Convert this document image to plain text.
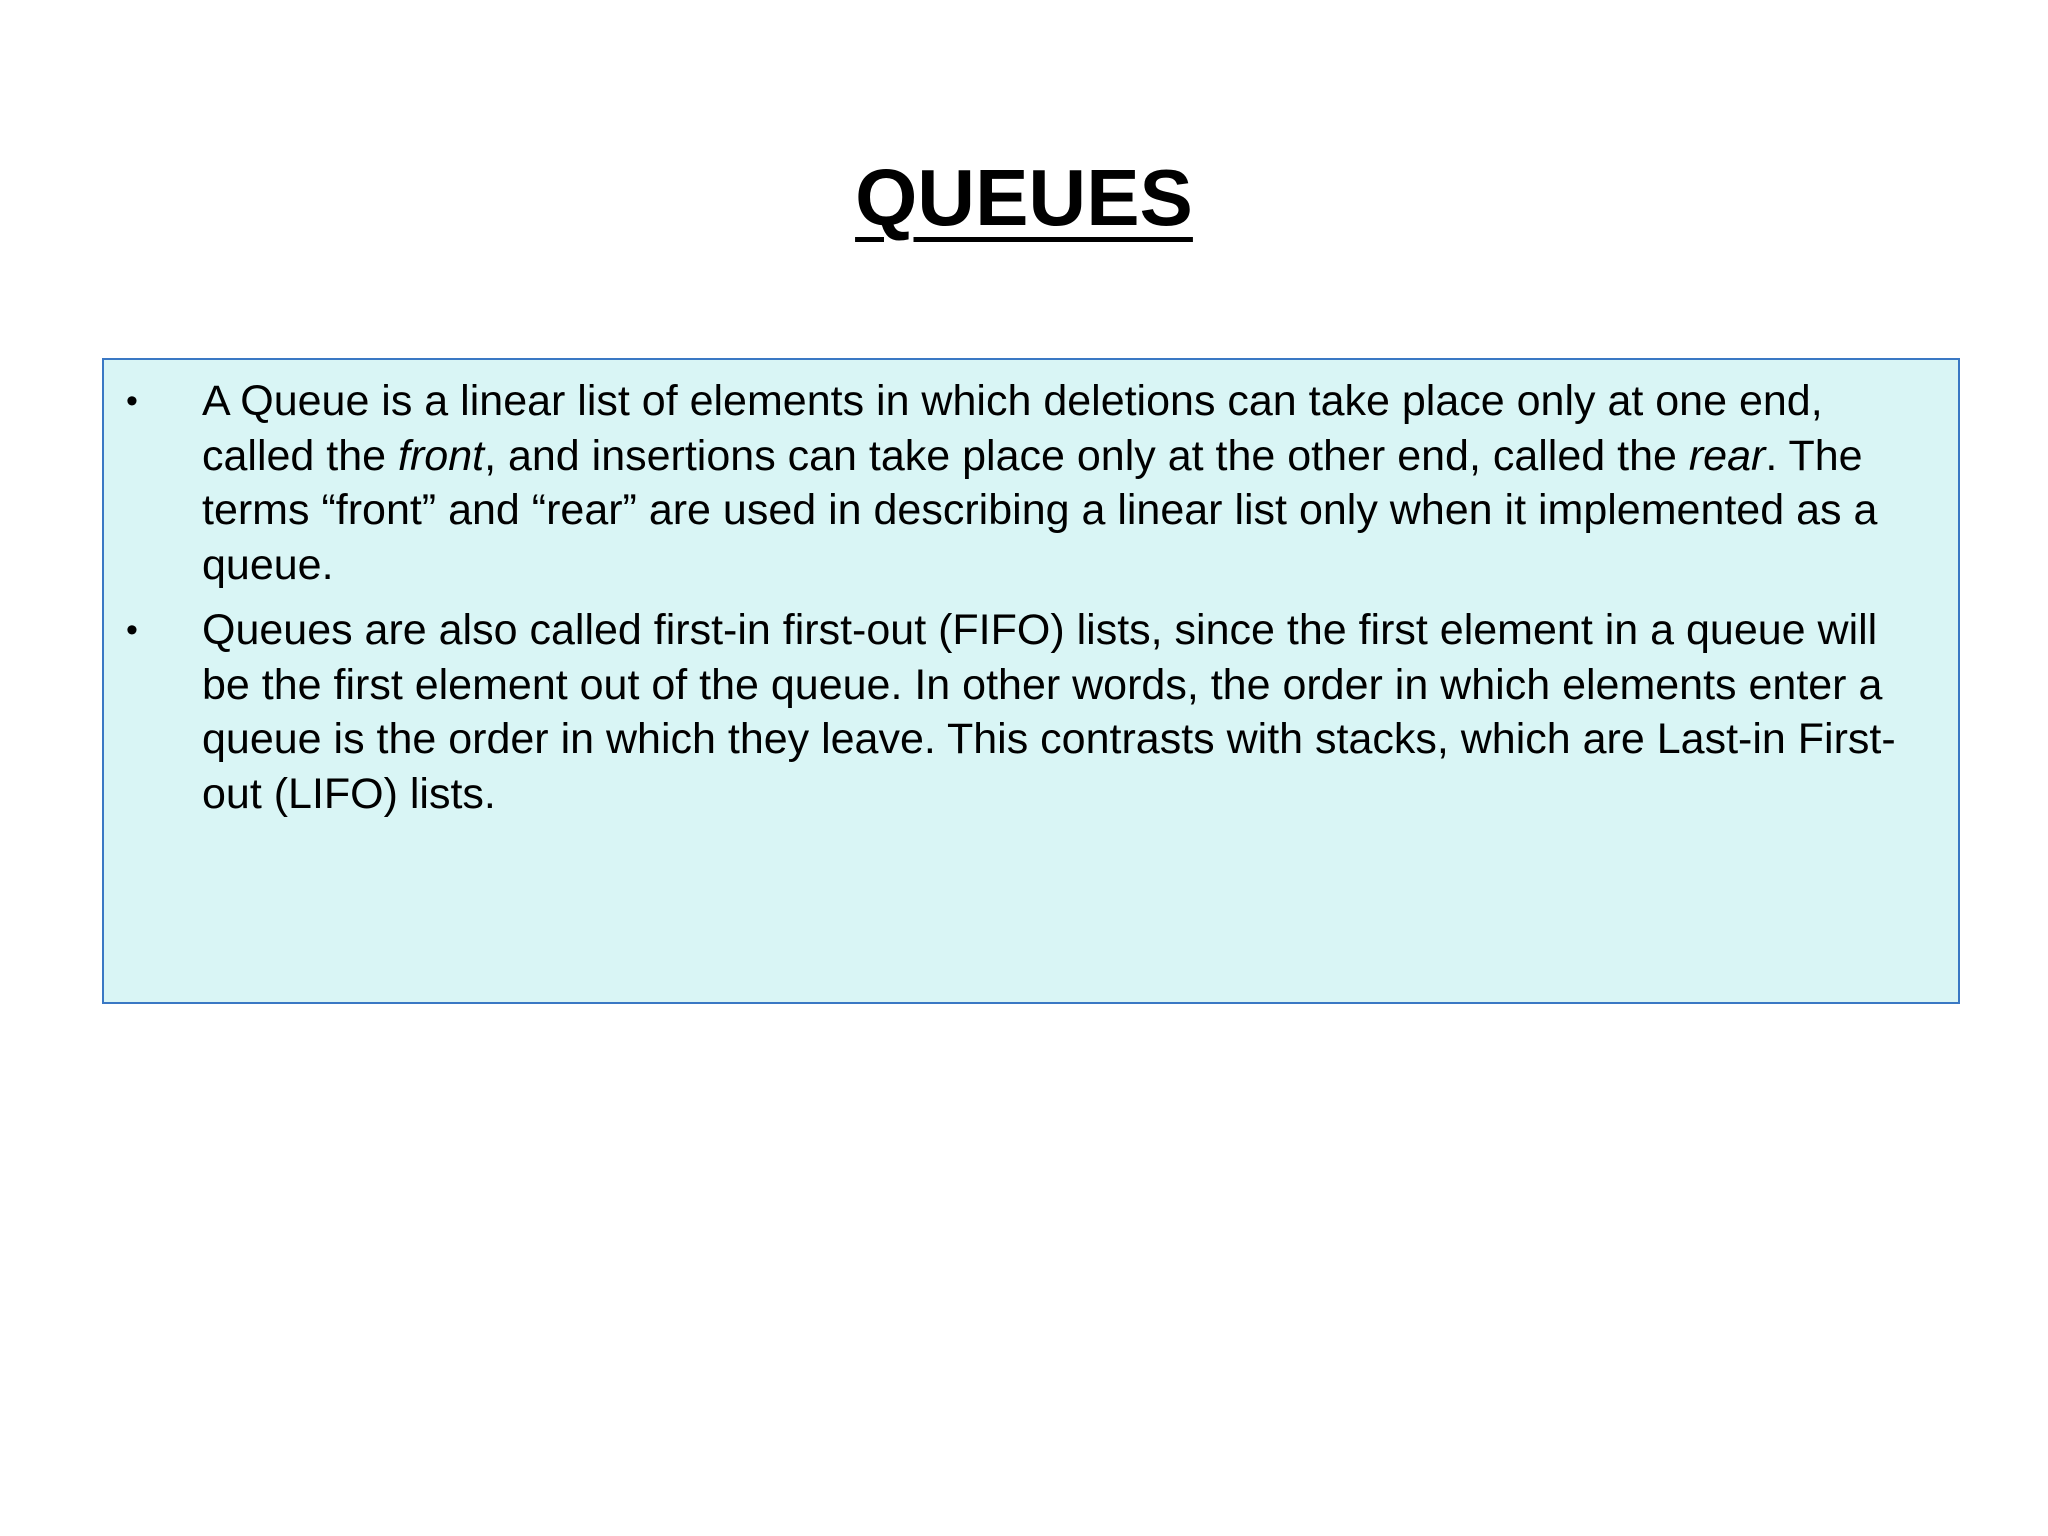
QUEUES
• A Queue is a linear list of elements in which deletions can take place only at one end, called the front, and insertions can take place only at the other end, called the rear. The terms “front” and “rear” are used in describing a linear list only when it implemented as a queue.
• Queues are also called first-in first-out (FIFO) lists, since the first element in a queue will be the first element out of the queue. In other words, the order in which elements enter a queue is the order in which they leave. This contrasts with stacks, which are Last-in First-out (LIFO) lists.
